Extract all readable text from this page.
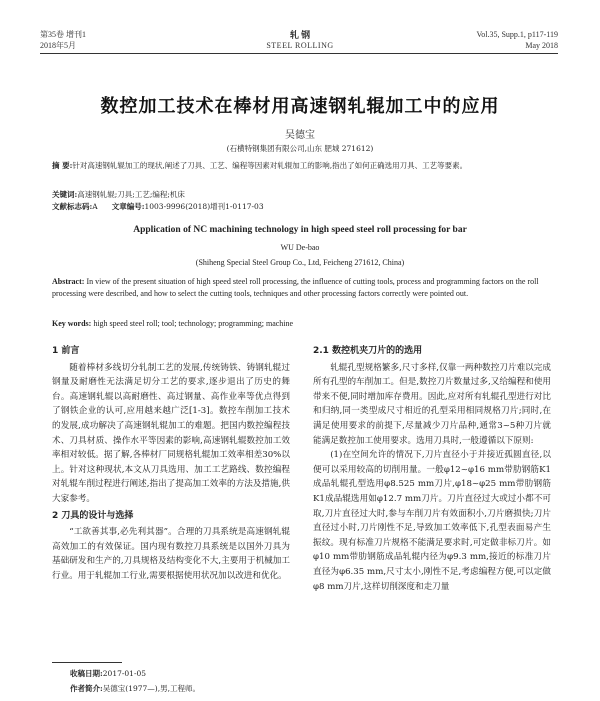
第35卷 增刊1
2018年5月
轧 钢
STEEL ROLLING
Vol.35, Supp.1, p117-119
May 2018
数控加工技术在棒材用高速钢轧辊加工中的应用
吴德宝
(石横特钢集团有限公司,山东 肥城 271612)
摘 要:针对高速钢轧辊加工的现状,阐述了刀具、工艺、编程等因素对轧辊加工的影响,指出了如何正确选用刀具、工艺等要素。
关键词:高速钢轧辊;刀具;工艺;编程;机床
文献标志码:A 文章编号:1003-9996(2018)增刊1-0117-03
Application of NC machining technology in high speed steel roll processing for bar
WU De-bao
(Shiheng Special Steel Group Co., Ltd, Feicheng 271612, China)
Abstract: In view of the present situation of high speed steel roll processing, the influence of cutting tools, process and programming factors on the roll processing were described, and how to select the cutting tools, techniques and other processing factors correctly were pointed out.
Key words: high speed steel roll; tool; technology; programming; machine
1 前言
随着棒材多线切分轧制工艺的发展,传统铸铁、铸钢轧辊过钢量及耐磨性无法满足切分工艺的要求,逐步退出了历史的舞台。高速钢轧辊以高耐磨性、高过钢量、高作业率等优点得到了钢铁企业的认可,应用越来越广泛[1-3]。数控车削加工技术的发展,成功解决了高速钢轧辊加工的难题。把国内数控编程技术、刀具材质、操作水平等因素的影响,高速钢轧辊数控加工效率相对较低。据了解,各棒材厂同规格轧辊加工效率相差30%以上。针对这种现状,本文从刀具选用、加工工艺路线、数控编程对轧辊车削过程进行阐述,指出了提高加工效率的方法及措施,供大家参考。
2 刀具的设计与选择
“工欲善其事,必先利其器”。合理的刀具系统是高速钢轧辊高效加工的有效保证。国内现有数控刀具系统是以国外刀具为基础研发和生产的,刀具规格及结构变化不大,主要用于机械加工行业。用于轧辊加工行业,需要根据使用状况加以改进和优化。
收稿日期:2017-01-05
作者简介:吴德宝(1977—),男,工程师。
2.1 数控机夹刀片的的选用
轧辊孔型规格繁多,尺寸多样,仅靠一两种数控刀片难以完成所有孔型的车削加工。但是,数控刀片数量过多,又给编程和使用带来不便,同时增加库存费用。因此,应对所有轧辊孔型进行对比和归纳,同一类型成尺寸相近的孔型采用相同规格刀片;同时,在满足使用要求的前提下,尽量减少刀片品种,通常3~5种刀片就能满足数控加工使用要求。选用刀具时,一般遵循以下原则:
(1)在空间允许的情况下,刀片直径小于并接近孤圆直径,以便可以采用较高的切削用量。一般φ12~φ16 mm带肋钢筋K1成品轧辊孔型选用φ8.525 mm刀片,φ18~φ25 mm带肋钢筋K1成品辊选用如φ12.7 mm刀片。刀片直径过大或过小都不可取,刀片直径过大时,参与车削刀片有效面积小,刀片磨损快;刀片直径过小时,刀片刚性不足,导致加工效率低下,孔型表面易产生振纹。现有标准刀片规格不能满足要求时,可定做非标刀片。如φ10 mm带肋钢筋成品轧辊内径为φ9.3 mm,接近的标准刀片直径为φ6.35 mm,尺寸太小,刚性不足,考虑编程方便,可以定做φ8 mm刀片,这样切削深度和走刀量
